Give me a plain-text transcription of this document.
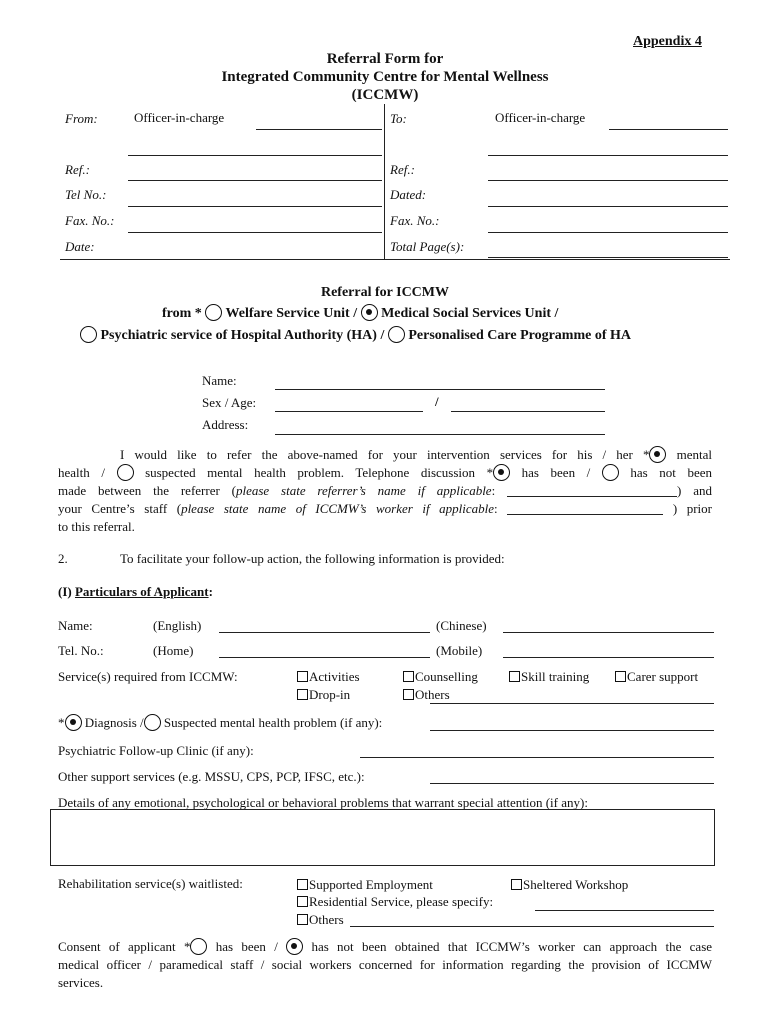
Appendix 4
Referral Form for
Integrated Community Centre for Mental Wellness
(ICCMW)
From:	Officer-in-charge	To:	Officer-in-charge
Ref.:	Ref.:
Tel No.:	Dated:
Fax. No.:	Fax. No.:
Date:	Total Page(s):
Referral for ICCMW
from * Welfare Service Unit / Medical Social Services Unit /
Psychiatric service of Hospital Authority (HA) / Personalised Care Programme of HA
Name:
Sex / Age:	/
Address:
I would like to refer the above-named for your intervention services for his / her * mental
health /	suspected mental health problem. Telephone discussion * has been /	has not been
made between the referrer (please state referrer’s name if applicable:	) and
your Centre’s staff (please state name of ICCMW’s worker if applicable:	) prior
to this referral.
2.	To facilitate your follow-up action, the following information is provided:
(I) Particulars of Applicant:
Name:	(English)	(Chinese)
Tel. No.:	(Home)	(Mobile)
Service(s) required from ICCMW:	Activities	Counselling	Skill training	Carer support
Drop-in	Others
* Diagnosis / Suspected mental health problem (if any):
Psychiatric Follow-up Clinic (if any):
Other support services (e.g. MSSU, CPS, PCP, IFSC, etc.):
Details of any emotional, psychological or behavioral problems that warrant special attention (if any):
Rehabilitation service(s) waitlisted:	Supported Employment	Sheltered Workshop
Residential Service, please specify:
Others
Consent of applicant * has been /	has not been obtained that ICCMW’s worker can approach the case
medical officer / paramedical staff / social workers concerned for information regarding the provision of ICCMW
services.
